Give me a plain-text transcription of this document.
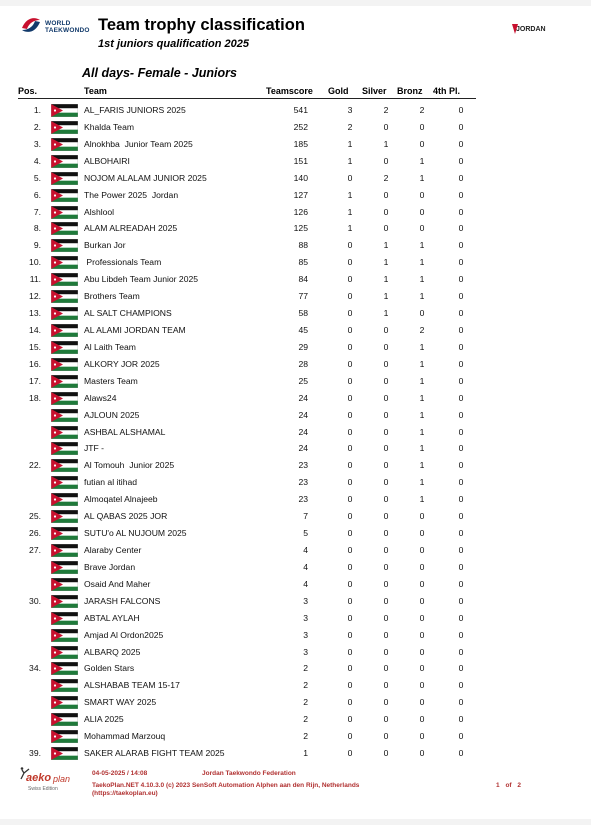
WORLD
TAEKWONDO Team trophy classification
1st juniors qualification 2025
JORDAN
All days- Female - Juniors
Pos.	Team	Teamscore Gold Silver Bronz 4th Pl.
1.	AL_FARIS JUNIORS 2025	541	3	2	2	0
2.	Khalda Team	252	2	0	0	0
3.	Alnokhba  Junior Team 2025	185	1	1	0	0
4.	ALBOHAIRI	151	1	0	1	0
5.	NOJOM ALALAM JUNIOR 2025	140	0	2	1	0
6.	The Power 2025  Jordan	127	1	0	0	0
7.	Alshlool	126	1	0	0	0
8.	ALAM ALREADAH 2025	125	1	0	0	0
9.	Burkan Jor	88	0	1	1	0
10.	Professionals Team	85	0	1	1	0
11.	Abu Libdeh Team Junior 2025	84	0	1	1	0
12.	Brothers Team	77	0	1	1	0
13.	AL SALT CHAMPIONS	58	0	1	0	0
14.	AL ALAMI JORDAN TEAM	45	0	0	2	0
15.	Al Laith Team	29	0	0	1	0
16.	ALKORY JOR 2025	28	0	0	1	0
17.	Masters Team	25	0	0	1	0
18.	Alaws24	24	0	0	1	0
AJLOUN 2025	24	0	0	1	0
ASHBAL ALSHAMAL	24	0	0	1	0
JTF -	24	0	0	1	0
22.	Al Tomouh  Junior 2025	23	0	0	1	0
futian al itihad	23	0	0	1	0
Almoqatel Alnajeeb	23	0	0	1	0
25.	AL QABAS 2025 JOR	7	0	0	0	0
26.	SUTU'o AL NUJOUM 2025	5	0	0	0	0
27.	Alaraby Center	4	0	0	0	0
Brave Jordan	4	0	0	0	0
Osaid And Maher	4	0	0	0	0
30.	JARASH FALCONS	3	0	0	0	0
ABTAL AYLAH	3	0	0	0	0
Amjad Al Ordon2025	3	0	0	0	0
ALBARQ 2025	3	0	0	0	0
34.	Golden Stars	2	0	0	0	0
ALSHABAB TEAM 15-17	2	0	0	0	0
SMART WAY 2025	2	0	0	0	0
ALIA 2025	2	0	0	0	0
Mohammad Marzouq	2	0	0	0	0
39.	SAKER ALARAB FIGHT TEAM 2025	1	0	0	0	0
aeko plan
Swiss Edition
04-05-2025 / 14:08	Jordan Taekwondo Federation
TaekoPlan.NET 4.10.3.0 (c) 2023 SenSoft Automation Alphen aan den Rijn, Netherlands
(https://taekoplan.eu)
1 of 2
